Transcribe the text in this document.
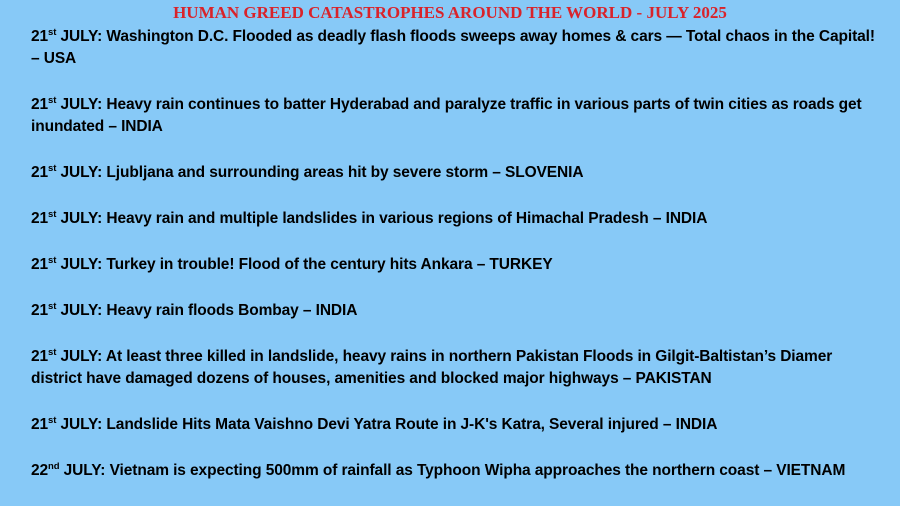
HUMAN GREED CATASTROPHES AROUND THE WORLD - JULY 2025
21st JULY: Washington D.C. Flooded as deadly flash floods sweeps away homes & cars — Total chaos in the Capital! – USA
21st JULY: Heavy rain continues to batter Hyderabad and paralyze traffic in various parts of twin cities as roads get inundated – INDIA
21st JULY: Ljubljana and surrounding areas hit by severe storm – SLOVENIA
21st JULY: Heavy rain and multiple landslides in various regions of Himachal Pradesh – INDIA
21st JULY: Turkey in trouble! Flood of the century hits Ankara – TURKEY
21st JULY: Heavy rain floods Bombay – INDIA
21st JULY: At least three killed in landslide, heavy rains in northern Pakistan Floods in Gilgit-Baltistan’s Diamer district have damaged dozens of houses, amenities and blocked major highways – PAKISTAN
21st JULY: Landslide Hits Mata Vaishno Devi Yatra Route in J-K's Katra, Several injured – INDIA
22nd JULY: Vietnam is expecting 500mm of rainfall as Typhoon Wipha approaches the northern coast – VIETNAM
